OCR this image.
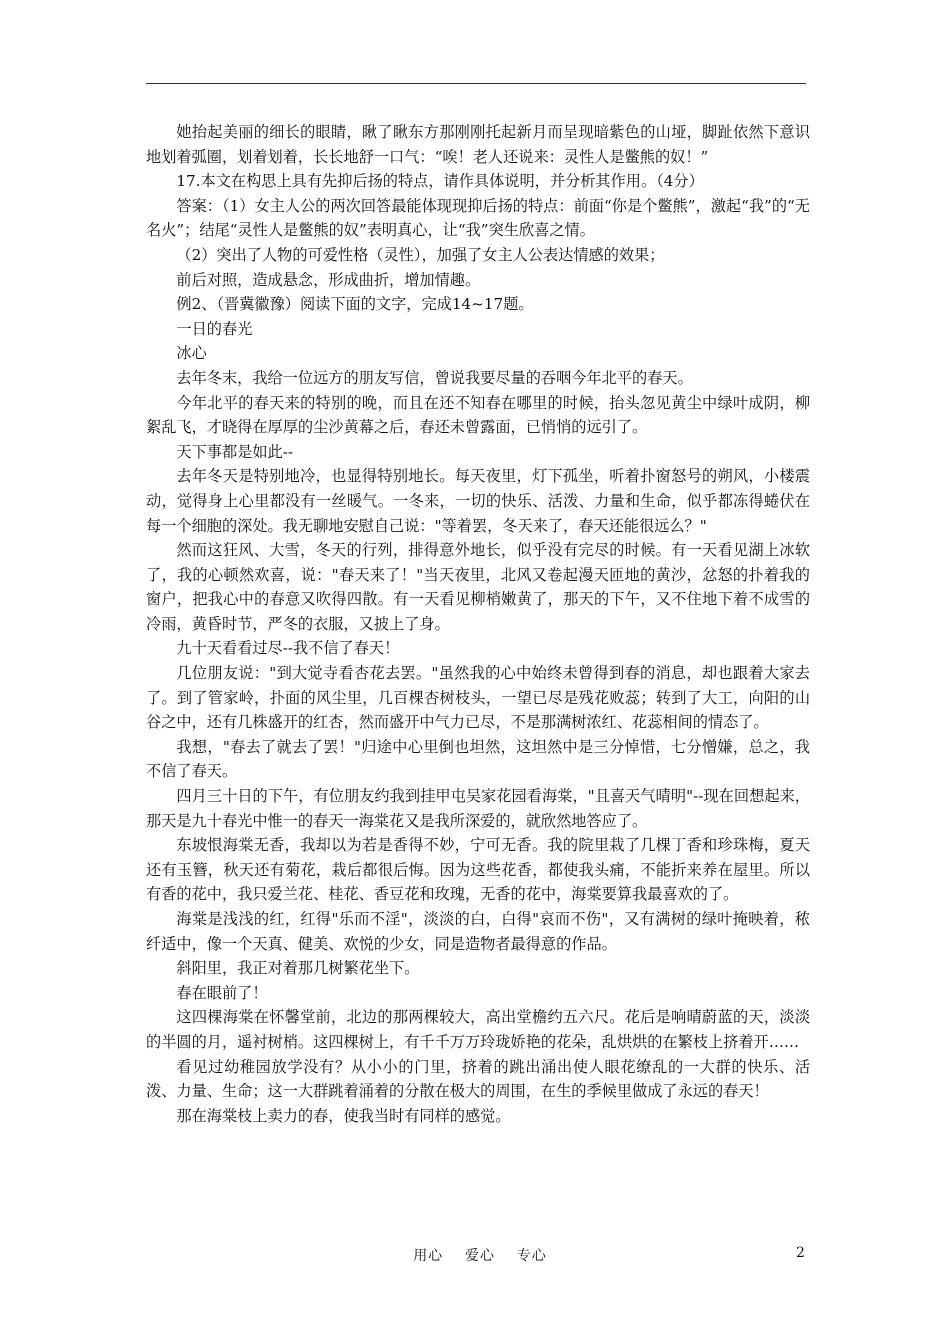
她抬起美丽的细长的眼睛，瞅了瞅东方那刚刚托起新月而呈现暗紫色的山垭，脚趾依然下意识地划着弧圈，划着划着，长长地舒一口气：“唉！老人还说来：灵性人是鳖熊的奴！”

17.本文在构思上具有先抑后扬的特点，请作具体说明，并分析其作用。（4分）

答案：（1）女主人公的两次回答最能体现现抑后扬的特点：前面“你是个鳖熊”，激起“我”的“无名火”；结尾“灵性人是鳖熊的奴”表明真心，让“我”突生欣喜之情。

（2）突出了人物的可爱性格（灵性），加强了女主人公表达情感的效果；

前后对照，造成悬念，形成曲折，增加情趣。

例2、（晋冀徽豫）阅读下面的文字，完成14~17题。

一日的春光

冰心

去年冬末，我给一位远方的朋友写信，曾说我要尽量的吞咽今年北平的春天。

今年北平的春天来的特别的晚，而且在还不知春在哪里的时候，抬头忽见黄尘中绿叶成阴，柳絮乱飞，才晓得在厚厚的尘沙黄幕之后，春还未曾露面，已悄悄的远引了。

天下事都是如此--

去年冬天是特别地冷，也显得特别地长。每天夜里，灯下孤坐，听着扑窗怒号的朔风，小楼震动，觉得身上心里都没有一丝暖气。一冬来，一切的快乐、活泼、力量和生命，似乎都冻得蜷伏在每一个细胞的深处。我无聊地安慰自己说："等着罢，冬天来了，春天还能很远么？"

然而这狂风、大雪，冬天的行列，排得意外地长，似乎没有完尽的时候。有一天看见湖上冰软了，我的心顿然欢喜，说："春天来了！"当天夜里，北风又卷起漫天匝地的黄沙，忿怒的扑着我的窗户，把我心中的春意又吹得四散。有一天看见柳梢嫩黄了，那天的下午，又不住地下着不成雪的冷雨，黄昏时节，严冬的衣服，又披上了身。

九十天看看过尽--我不信了春天！

几位朋友说："到大觉寺看杏花去罢。"虽然我的心中始终未曾得到春的消息，却也跟着大家去了。到了管家岭，扑面的风尘里，几百棵杏树枝头，一望已尽是残花败蕊；转到了大工，向阳的山谷之中，还有几株盛开的红杏，然而盛开中气力已尽，不是那满树浓红、花蕊相间的情态了。

我想，"春去了就去了罢！"归途中心里倒也坦然，这坦然中是三分悼惜，七分憎嫌，总之，我不信了春天。

四月三十日的下午，有位朋友约我到挂甲屯吴家花园看海棠，"且喜天气晴明"--现在回想起来，那天是九十春光中惟一的春天一海棠花又是我所深爱的，就欣然地答应了。

东坡恨海棠无香，我却以为若是香得不妙，宁可无香。我的院里栽了几棵丁香和珍珠梅，夏天还有玉簪，秋天还有菊花，栽后都很后悔。因为这些花香，都使我头痛，不能折来养在屋里。所以有香的花中，我只爱兰花、桂花、香豆花和玫瑰，无香的花中，海棠要算我最喜欢的了。

海棠是浅浅的红，红得"乐而不淫"，淡淡的白，白得"哀而不伤"，又有满树的绿叶掩映着，秾纤适中，像一个天真、健美、欢悦的少女，同是造物者最得意的作品。

斜阳里，我正对着那几树繁花坐下。

春在眼前了！

这四棵海棠在怀馨堂前，北边的那两棵较大，高出堂檐约五六尺。花后是响晴蔚蓝的天，淡淡的半圆的月，遥衬树梢。这四棵树上，有千千万万玲珑娇艳的花朵，乱烘烘的在繁枝上挤着开……

看见过幼稚园放学没有？从小小的门里，挤着的跳出涌出使人眼花缭乱的一大群的快乐、活泼、力量、生命；这一大群跳着涌着的分散在极大的周围，在生的季候里做成了永远的春天！

那在海棠枝上卖力的春，使我当时有同样的感觉。

用心    爱心    专心	2
